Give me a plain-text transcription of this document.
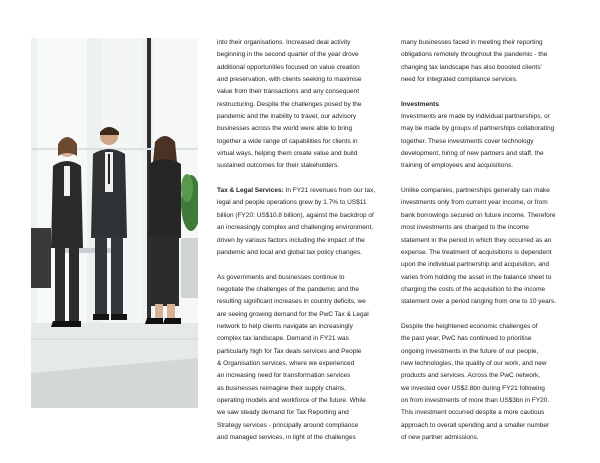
into their organisations. Increased deal activity

beginning in the second quarter of the year drove

additional opportunities focused on value creation

and preservation, with clients seeking to maximise

value from their transactions and any consequent

restructuring. Despite the challenges posed by the

pandemic and the inability to travel, our advisory

businesses across the world were able to bring

together a wide range of capabilities for clients in

virtual ways, helping them create value and build

sustained outcomes for their stakeholders.

Tax & Legal Services: In FY21 revenues from our tax,

legal and people operations grew by 1.7% to US$11

billion (FY20: US$10.8 billion), against the backdrop of

an increasingly complex and challenging environment,

driven by various factors including the impact of the

pandemic and local and global tax policy changes.

As governments and businesses continue to

negotiate the challenges of the pandemic and the

resulting significant increases in country deficits, we

are seeing growing demand for the PwC Tax & Legal

network to help clients navigate an increasingly

complex tax landscape. Demand in FY21 was

particularly high for Tax deals services and People

& Organisation services, where we experienced

an increasing need for transformation services

as businesses reimagine their supply chains,

operating models and workforce of the future. While

we saw steady demand for Tax Reporting and

Strategy services - principally around compliance

and managed services, in light of the challenges

many businesses faced in meeting their reporting

obligations remotely throughout the pandemic - the

changing tax landscape has also boosted clients'

need for integrated compliance services.

Investments

Investments are made by individual partnerships, or

may be made by groups of partnerships collaborating

together. These investments cover technology

development, hiring of new partners and staff, the

training of employees and acquisitions.

Unlike companies, partnerships generally can make

investments only from current year income, or from

bank borrowings secured on future income. Therefore

most investments are charged to the income

statement in the period in which they occurred as an

expense. The treatment of acquisitions is dependent

upon the individual partnership and acquisition, and

varies from holding the asset in the balance sheet to

charging the costs of the acquisition to the income

statement over a period ranging from one to 10 years.

Despite the heightened economic challenges of

the past year, PwC has continued to prioritise

ongoing investments in the future of our people,

new technologies, the quality of our work, and new

products and services. Across the PwC network,

we invested over US$2.8bn during FY21 following

on from investments of more than US$3bn in FY20.

This investment occurred despite a more cautious

approach to overall spending and a smaller number

of new partner admissions.
